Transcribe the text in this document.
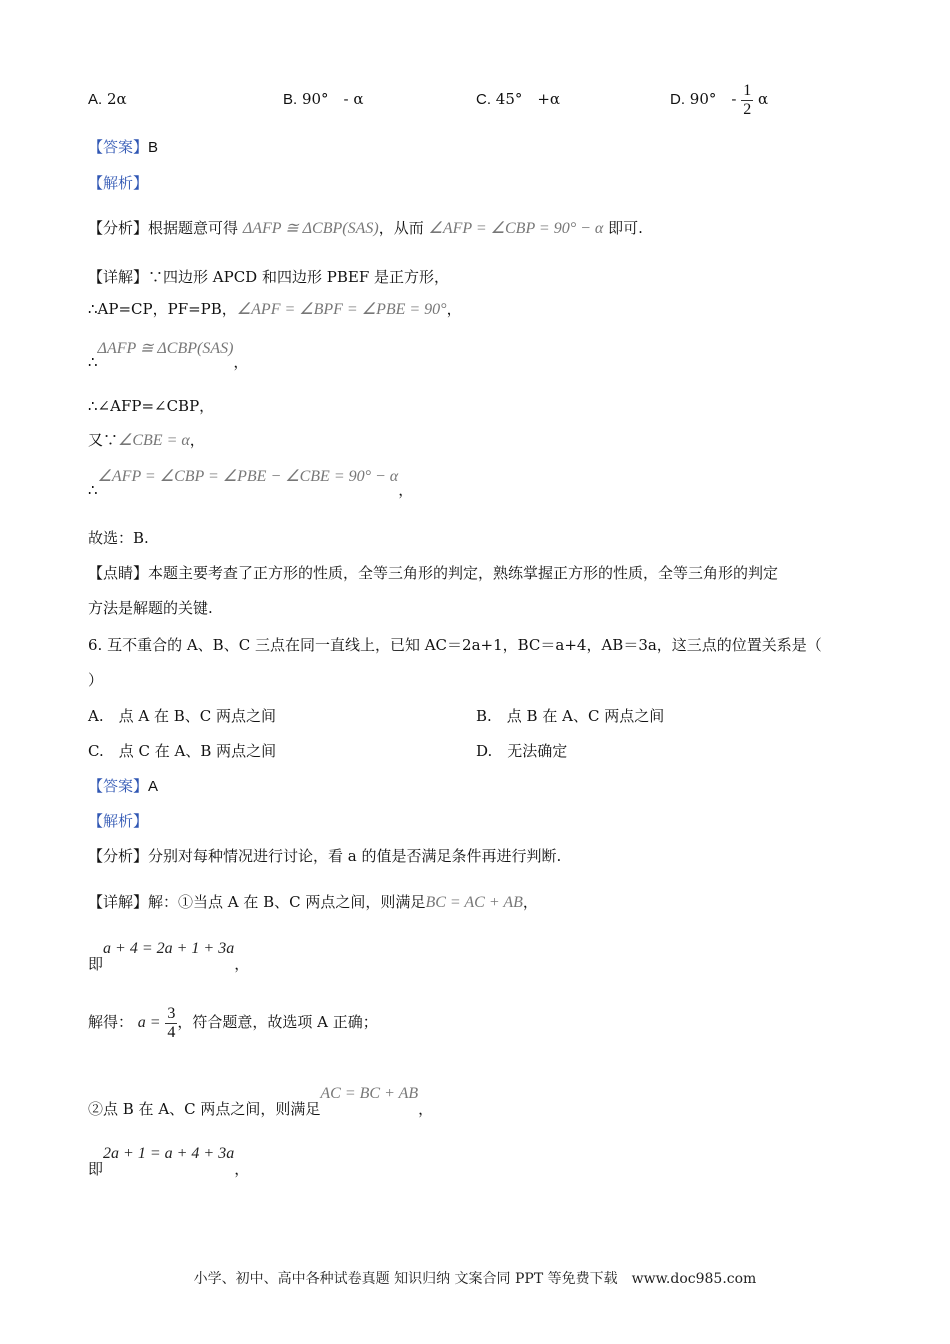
A. 2α	B. 90°　- α	C. 45°　+α	D. 90°　- $\frac{1}{2}$ α
【答案】B
【解析】
【分析】根据题意可得 ΔAFP ≅ ΔCBP(SAS)，从而 ∠AFP = ∠CBP = 90° − α 即可.
【详解】∵四边形 APCD 和四边形 PBEF 是正方形，
∴AP=CP，PF=PB，∠APF = ∠BPF = ∠PBE = 90°，
∴ΔAFP ≅ ΔCBP(SAS)，
∴∠AFP=∠CBP，
又∵∠CBE = α，
∴∠AFP = ∠CBP = ∠PBE − ∠CBE = 90° − α，
故选：B.
【点睛】本题主要考查了正方形的性质，全等三角形的判定，熟练掌握正方形的性质，全等三角形的判定
方法是解题的关键.
6. 互不重合的 A、B、C 三点在同一直线上，已知 AC＝2a+1，BC＝a+4，AB＝3a，这三点的位置关系是（
）
A.　点 A 在 B、C 两点之间	B.　点 B 在 A、C 两点之间
C.　点 C 在 A、B 两点之间	D.　无法确定
【答案】A
【解析】
【分析】分别对每种情况进行讨论，看 a 的值是否满足条件再进行判断.
【详解】解：①当点 A 在 B、C 两点之间，则满足BC = AC + AB，
即a + 4 = 2a + 1 + 3a，
解得： $a = \frac{3}{4}$ ，符合题意，故选项 A 正确；
②点 B 在 A、C 两点之间，则满足AC = BC + AB，
即2a + 1 = a + 4 + 3a，
小学、初中、高中各种试卷真题 知识归纳 文案合同 PPT 等免费下载　www.doc985.com
